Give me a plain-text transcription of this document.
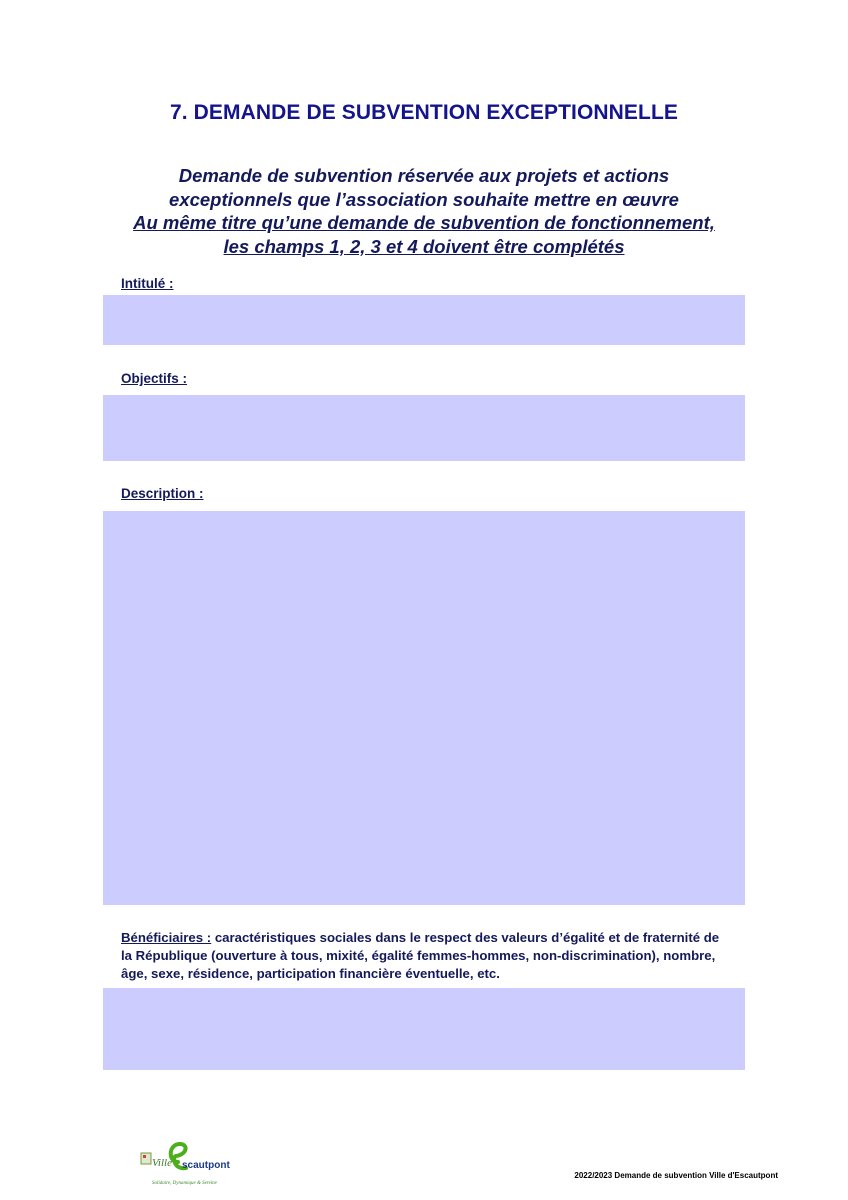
7. DEMANDE DE SUBVENTION EXCEPTIONNELLE
Demande de subvention réservée aux projets et actions
exceptionnels que l’association souhaite mettre en œuvre
Au même titre qu’une demande de subvention de fonctionnement,
les champs 1, 2, 3 et 4 doivent être complétés
Intitulé :
Objectifs :
Description :
Bénéficiaires : caractéristiques sociales dans le respect des valeurs d’égalité et de fraternité de la République (ouverture à tous, mixité, égalité femmes-hommes, non-discrimination), nombre, âge, sexe, résidence, participation financière éventuelle, etc.
Ville scautpont
Solidaire, Dynamique & Sereine
2022/2023 Demande de subvention Ville d'Escautpont
